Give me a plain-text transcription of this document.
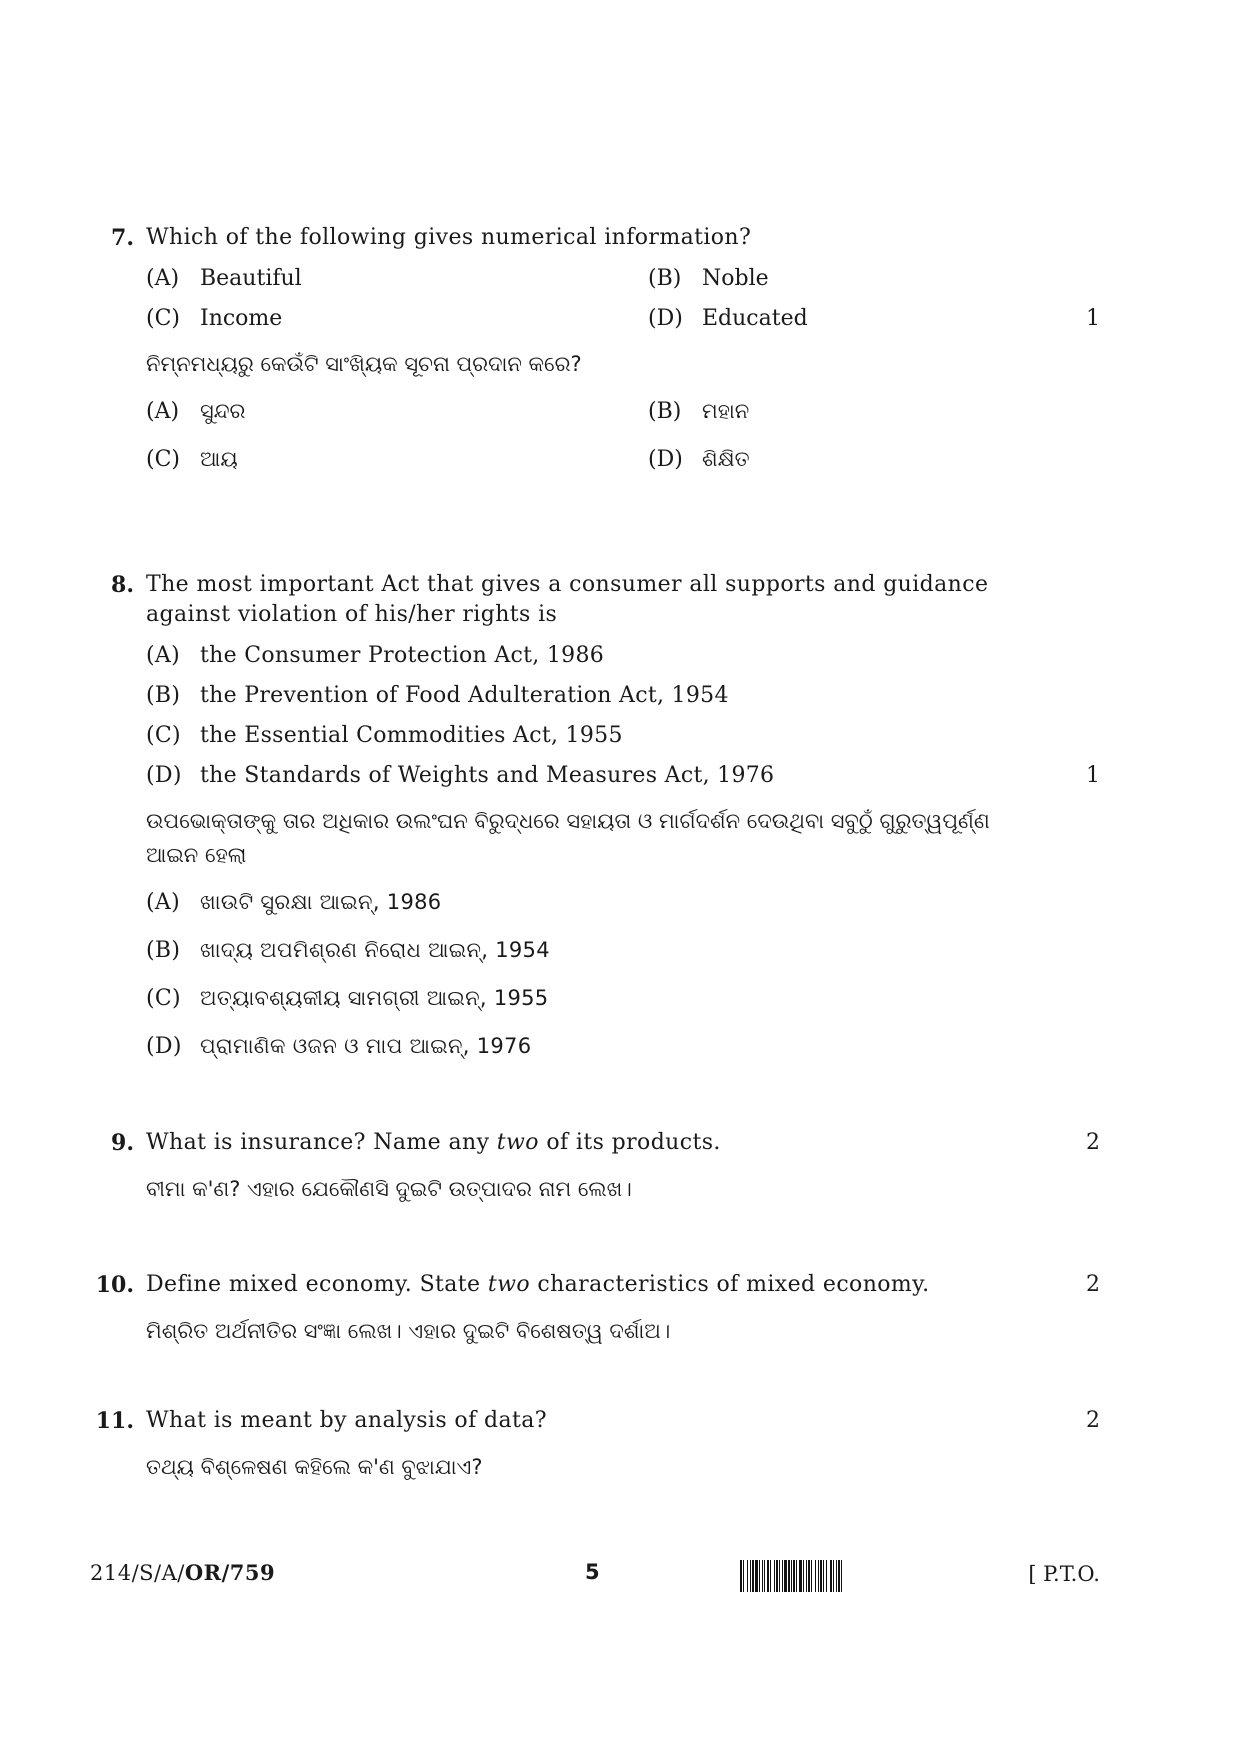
7. Which of the following gives numerical information?
(A) Beautiful	(B) Noble
(C) Income	(D) Educated	1
ନିମ୍ନମଧ୍ୟରୁ କେଉଁଟି ସାଂଖ୍ୟିକ ସୂଚନା ପ୍ରଦାନ କରେ?
(A) ସୁନ୍ଦର	(B) ମହାନ
(C) ଆୟ	(D) ଶିକ୍ଷିତ
8. The most important Act that gives a consumer all supports and guidance against violation of his/her rights is
(A) the Consumer Protection Act, 1986
(B) the Prevention of Food Adulteration Act, 1954
(C) the Essential Commodities Act, 1955
(D) the Standards of Weights and Measures Act, 1976	1
ଉପଭୋକ୍ତାଙ୍କୁ ତାର ଅଧିକାର ଉଲଂଘନ ବିରୁଦ୍ଧରେ ସହାୟତା ଓ ମାର୍ଗଦର୍ଶନ ଦେଉଥିବା ସବୁଠୁଁ ଗୁରୁତ୍ୱପୂର୍ଣ୍ଣ ଆଇନ ହେଲା
(A) ଖାଉଟି ସୁରକ୍ଷା ଆଇନ୍, 1986
(B) ଖାଦ୍ୟ ଅପମିଶ୍ରଣ ନିରୋଧ ଆଇନ୍, 1954
(C) ଅତ୍ୟାବଶ୍ୟକୀୟ ସାମଗ୍ରୀ ଆଇନ୍, 1955
(D) ପ୍ରାମାଣିକ ଓଜନ ଓ ମାପ ଆଇନ୍, 1976
9. What is insurance? Name any two of its products.	2
ବୀମା କ'ଣ? ଏହାର ଯେକୌଣସି ଦୁଇଟି ଉତ୍ପାଦର ନାମ ଲେଖ।
10. Define mixed economy. State two characteristics of mixed economy.	2
ମିଶ୍ରିତ ଅର୍ଥନୀତିର ସଂଜ୍ଞା ଲେଖ। ଏହାର ଦୁଇଟି ବିଶେଷତ୍ୱ ଦର୍ଶାଅ।
11. What is meant by analysis of data?	2
ତଥ୍ୟ ବିଶ୍ଳେଷଣ କହିଲେ କ'ଣ ବୁଝାଯାଏ?
214/S/A/OR/759	5	[ P.T.O.
